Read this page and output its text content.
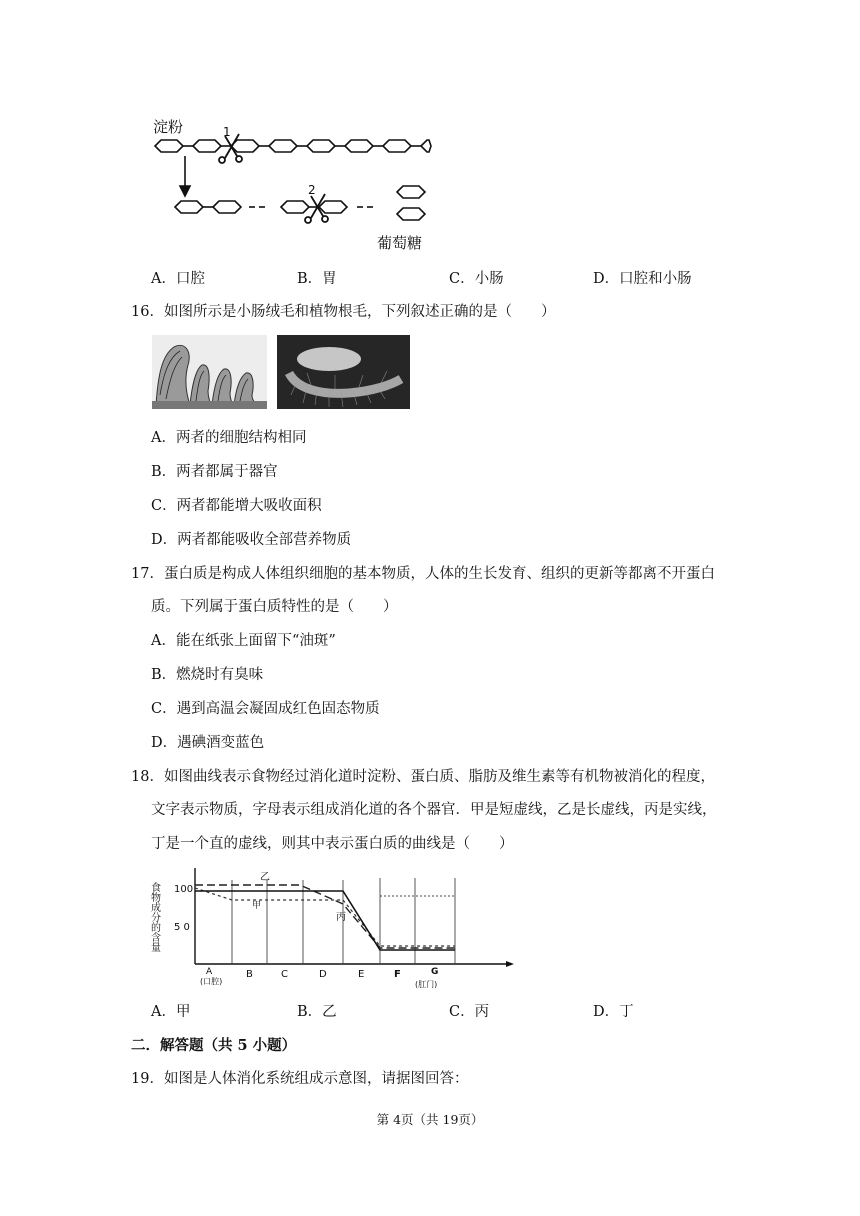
淀粉	1
2
葡萄糖
A．口腔	B．胃	C．小肠	D．口腔和小肠
16．如图所示是小肠绒毛和植物根毛，下列叙述正确的是（　　）
A．两者的细胞结构相同
B．两者都属于器官
C．两者都能增大吸收面积
D．两者都能吸收全部营养物质
17．蛋白质是构成人体组织细胞的基本物质，人体的生长发育、组织的更新等都离不开蛋白
质。下列属于蛋白质特性的是（　　）
A．能在纸张上面留下“油斑”
B．燃烧时有臭味
C．遇到高温会凝固成红色固态物质
D．遇碘酒变蓝色
18．如图曲线表示食物经过消化道时淀粉、蛋白质、脂肪及维生素等有机物被消化的程度，
文字表示物质，字母表示组成消化道的各个器官．甲是短虚线，乙是长虚线，丙是实线，
丁是一个直的虚线，则其中表示蛋白质的曲线是（　　）
食物成分的含量 100
5 0
乙
甲
丙
A
(口腔)
B	C	D	E	F	G
(肛门)
A．甲	B．乙	C．丙	D．丁
二．解答题（共 5 小题）
19．如图是人体消化系统组成示意图，请据图回答：
第 4页（共 19页）
